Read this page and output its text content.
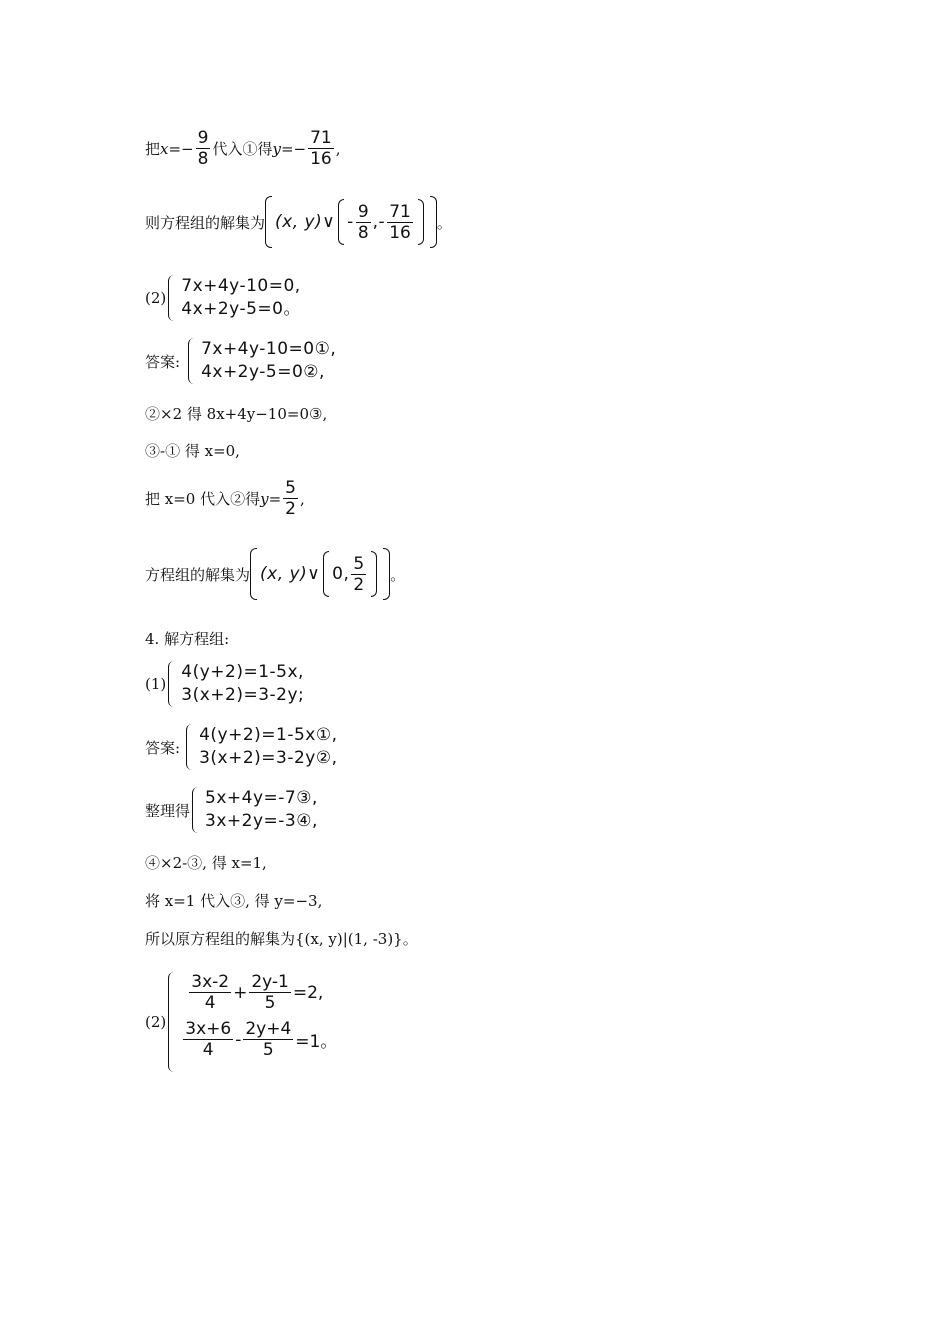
把 $x=- \frac{9}{8}$ 代入①得 $y=- \frac{71}{16}$ ,
则方程组的解集为 (x, y) ∨ - $\frac{9}{8}$ ,- $\frac{71}{16}$ 。
(2)
7x+4y-10=0,
4x+2y-5=0。
答案:
7x+4y-10=0①,
4x+2y-5=0②,
②×2 得 8x+4y−10=0③,
③-① 得 x=0,
把 x=0 代入②得 $y= \frac{5}{2}$ ,
方程组的解集为 (x, y) ∨ 0, $\frac{5}{2}$ 。
4. 解方程组:
(1)
4(y+2)=1-5x,
3(x+2)=3-2y;
答案:
4(y+2)=1-5x①,
3(x+2)=3-2y②,
整理得
5x+4y=-7③,
3x+2y=-3④,
④×2-③, 得 x=1,
将 x=1 代入③, 得 y=−3,
所以原方程组的解集为{(x, y)|(1, -3)}。
(2)
$\frac{3x-2}{4} + \frac{2y-1}{5} =2$,
$\frac{3x+6}{4} - \frac{2y+4}{5} =1$。
